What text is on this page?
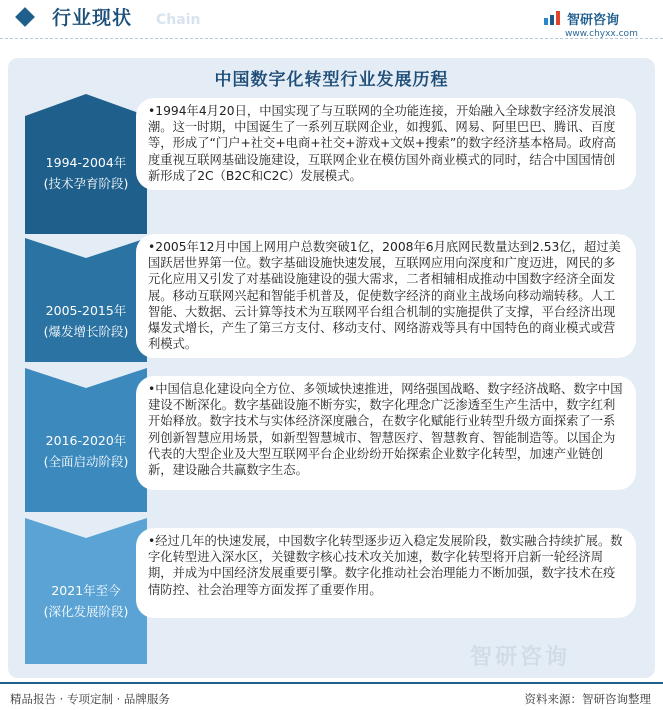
行业现状 Chain	智研咨询
www.chyxx.com
中国数字化转型行业发展历程
1994-2004年
(技术孕育阶段)
•1994年4月20日，中国实现了与互联网的全功能连接，开始融入全球数字经济发展浪潮。这一时期，中国诞生了一系列互联网企业，如搜狐、网易、阿里巴巴、腾讯、百度等，形成了“门户+社交+电商+社交+游戏+文娱+搜索”的数字经济基本格局。政府高度重视互联网基础设施建设，互联网企业在模仿国外商业模式的同时，结合中国国情创新形成了2C（B2C和C2C）发展模式。
2005-2015年
(爆发增长阶段)
•2005年12月中国上网用户总数突破1亿，2008年6月底网民数量达到2.53亿，超过美国跃居世界第一位。数字基础设施快速发展，互联网应用向深度和广度迈进，网民的多元化应用又引发了对基础设施建设的强大需求，二者相辅相成推动中国数字经济全面发展。移动互联网兴起和智能手机普及，促使数字经济的商业主战场向移动端转移。人工智能、大数据、云计算等技术为互联网平台组合机制的实施提供了支撑，平台经济出现爆发式增长，产生了第三方支付、移动支付、网络游戏等具有中国特色的商业模式或营利模式。
2016-2020年
(全面启动阶段)
•中国信息化建设向全方位、多领域快速推进，网络强国战略、数字经济战略、数字中国建设不断深化。数字基础设施不断夯实，数字化理念广泛渗透至生产生活中，数字红利开始释放。数字技术与实体经济深度融合，在数字化赋能行业转型升级方面探索了一系列创新智慧应用场景，如新型智慧城市、智慧医疗、智慧教育、智能制造等。以国企为代表的大型企业及大型互联网平台企业纷纷开始探索企业数字化转型，加速产业链创新，建设融合共赢数字生态。
2021年至今
(深化发展阶段)
•经过几年的快速发展，中国数字化转型逐步迈入稳定发展阶段，数实融合持续扩展。数字化转型进入深水区，关键数字核心技术攻关加速，数字化转型将开启新一轮经济周期，并成为中国经济发展重要引擎。数字化推动社会治理能力不断加强，数字技术在疫情防控、社会治理等方面发挥了重要作用。
智研咨询
精品报告 · 专项定制 · 品牌服务	资料来源：智研咨询整理
